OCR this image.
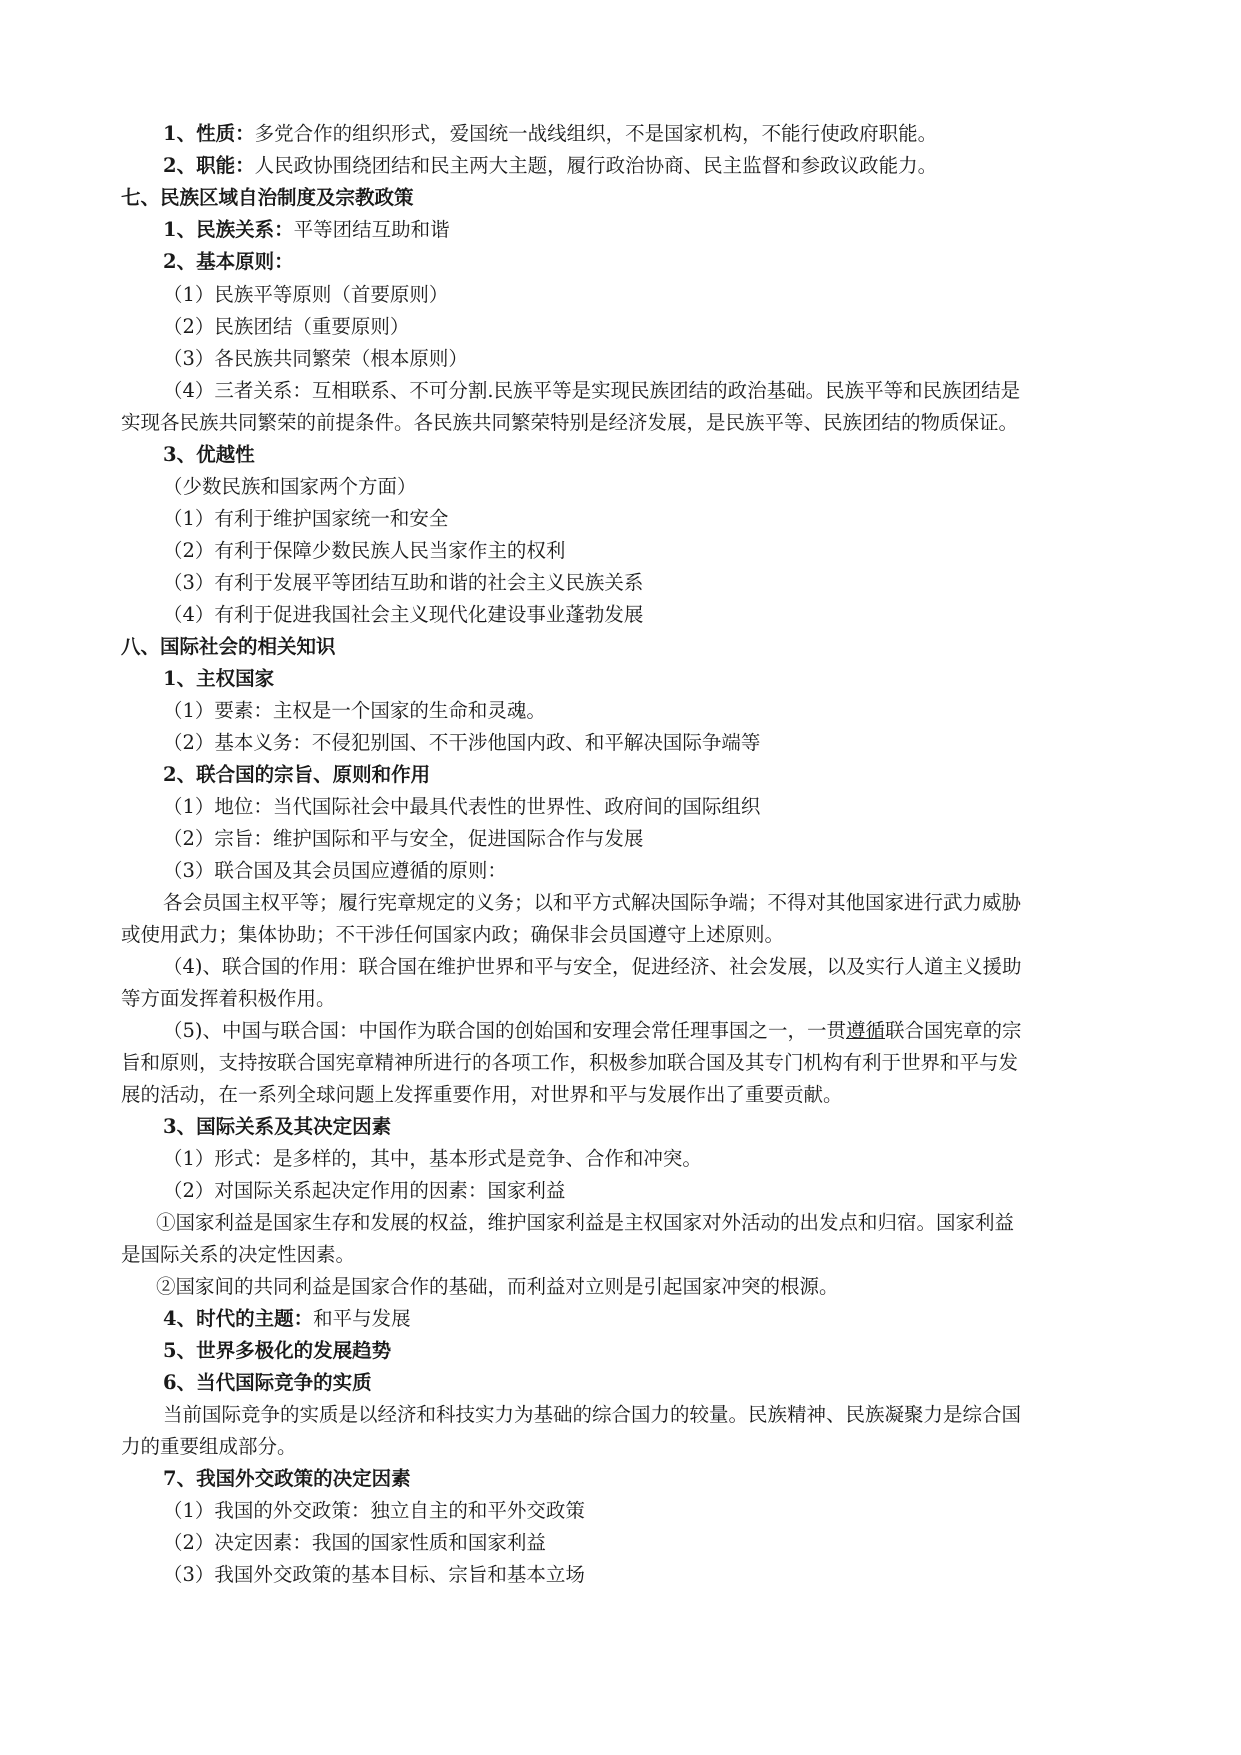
1、性质：多党合作的组织形式，爱国统一战线组织，不是国家机构，不能行使政府职能。
2、职能：人民政协围绕团结和民主两大主题，履行政治协商、民主监督和参政议政能力。
七、民族区域自治制度及宗教政策
1、民族关系：平等团结互助和谐
2、基本原则：
（1）民族平等原则（首要原则）
（2）民族团结（重要原则）
（3）各民族共同繁荣（根本原则）
（4）三者关系：互相联系、不可分割.民族平等是实现民族团结的政治基础。民族平等和民族团结是
实现各民族共同繁荣的前提条件。各民族共同繁荣特别是经济发展，是民族平等、民族团结的物质保证。
3、优越性
（少数民族和国家两个方面）
（1）有利于维护国家统一和安全
（2）有利于保障少数民族人民当家作主的权利
（3）有利于发展平等团结互助和谐的社会主义民族关系
（4）有利于促进我国社会主义现代化建设事业蓬勃发展
八、国际社会的相关知识
1、主权国家
（1）要素：主权是一个国家的生命和灵魂。
（2）基本义务：不侵犯别国、不干涉他国内政、和平解决国际争端等
2、联合国的宗旨、原则和作用
（1）地位：当代国际社会中最具代表性的世界性、政府间的国际组织
（2）宗旨：维护国际和平与安全，促进国际合作与发展
（3）联合国及其会员国应遵循的原则：
各会员国主权平等；履行宪章规定的义务；以和平方式解决国际争端；不得对其他国家进行武力威胁
或使用武力；集体协助；不干涉任何国家内政；确保非会员国遵守上述原则。
（4)、联合国的作用：联合国在维护世界和平与安全，促进经济、社会发展，以及实行人道主义援助
等方面发挥着积极作用。
（5)、中国与联合国：中国作为联合国的创始国和安理会常任理事国之一，一贯遵循联合国宪章的宗
旨和原则，支持按联合国宪章精神所进行的各项工作，积极参加联合国及其专门机构有利于世界和平与发
展的活动，在一系列全球问题上发挥重要作用，对世界和平与发展作出了重要贡献。
3、国际关系及其决定因素
（1）形式：是多样的，其中，基本形式是竞争、合作和冲突。
（2）对国际关系起决定作用的因素：国家利益
①国家利益是国家生存和发展的权益，维护国家利益是主权国家对外活动的出发点和归宿。国家利益
是国际关系的决定性因素。
②国家间的共同利益是国家合作的基础，而利益对立则是引起国家冲突的根源。
4、时代的主题：和平与发展
5、世界多极化的发展趋势
6、当代国际竞争的实质
当前国际竞争的实质是以经济和科技实力为基础的综合国力的较量。民族精神、民族凝聚力是综合国
力的重要组成部分。
7、我国外交政策的决定因素
（1）我国的外交政策：独立自主的和平外交政策
（2）决定因素：我国的国家性质和国家利益
（3）我国外交政策的基本目标、宗旨和基本立场
